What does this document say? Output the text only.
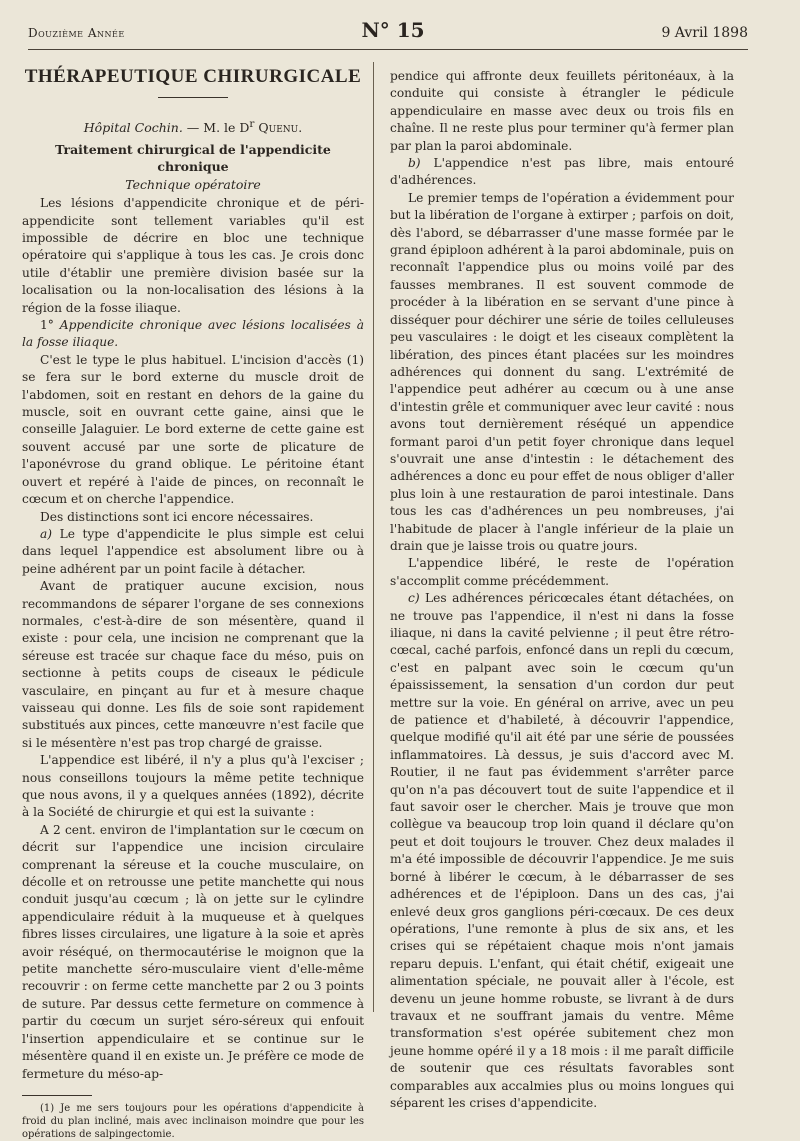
Douzième Année	N° 15	9 Avril 1898

THÉRAPEUTIQUE CHIRURGICALE

Hôpital Cochin. — M. le $D^r$ Quenu.

Traitement chirurgical de l'appendicite chronique

Technique opératoire

Les lésions d'appendicite chronique et de péri-appendicite sont tellement variables qu'il est impossible de décrire en bloc une technique opératoire qui s'applique à tous les cas. Je crois donc utile d'établir une première division basée sur la localisation ou la non-localisation des lésions à la région de la fosse iliaque.

1° Appendicite chronique avec lésions localisées à la fosse iliaque.

C'est le type le plus habituel. L'incision d'accès (1) se fera sur le bord externe du muscle droit de l'abdomen, soit en restant en dehors de la gaine du muscle, soit en ouvrant cette gaine, ainsi que le conseille Jalaguier. Le bord externe de cette gaine est souvent accusé par une sorte de plicature de l'aponévrose du grand oblique. Le péritoine étant ouvert et repéré à l'aide de pinces, on reconnaît le cœcum et on cherche l'appendice.

Des distinctions sont ici encore nécessaires.

a) Le type d'appendicite le plus simple est celui dans lequel l'appendice est absolument libre ou à peine adhérent par un point facile à détacher.

Avant de pratiquer aucune excision, nous recommandons de séparer l'organe de ses connexions normales, c'est-à-dire de son mésentère, quand il existe : pour cela, une incision ne comprenant que la séreuse est tracée sur chaque face du méso, puis on sectionne à petits coups de ciseaux le pédicule vasculaire, en pinçant au fur et à mesure chaque vaisseau qui donne. Les fils de soie sont rapidement substitués aux pinces, cette manœuvre n'est facile que si le mésentère n'est pas trop chargé de graisse.

L'appendice est libéré, il n'y a plus qu'à l'exciser ; nous conseillons toujours la même petite technique que nous avons, il y a quelques années (1892), décrite à la Société de chirurgie et qui est la suivante :

A 2 cent. environ de l'implantation sur le cœcum on décrit sur l'appendice une incision circulaire comprenant la séreuse et la couche musculaire, on décolle et on retrousse une petite manchette qui nous conduit jusqu'au cœcum ; là on jette sur le cylindre appendiculaire réduit à la muqueuse et à quelques fibres lisses circulaires, une ligature à la soie et après avoir réséqué, on thermocautérise le moignon que la petite manchette séro-musculaire vient d'elle-même recouvrir : on ferme cette manchette par 2 ou 3 points de suture. Par dessus cette fermeture on commence à partir du cœcum un surjet séro-séreux qui enfouit l'insertion appendiculaire et se continue sur le mésentère quand il en existe un. Je préfère ce mode de fermeture du méso-ap-

(1) Je me sers toujours pour les opérations d'appendicite à froid du plan incliné, mais avec inclinaison moindre que pour les opérations de salpingectomie.

pendice qui affronte deux feuillets péritonéaux, à la conduite qui consiste à étrangler le pédicule appendiculaire en masse avec deux ou trois fils en chaîne. Il ne reste plus pour terminer qu'à fermer plan par plan la paroi abdominale.

b) L'appendice n'est pas libre, mais entouré d'adhérences.

Le premier temps de l'opération a évidemment pour but la libération de l'organe à extirper ; parfois on doit, dès l'abord, se débarrasser d'une masse formée par le grand épiploon adhérent à la paroi abdominale, puis on reconnaît l'appendice plus ou moins voilé par des fausses membranes. Il est souvent commode de procéder à la libération en se servant d'une pince à disséquer pour déchirer une série de toiles celluleuses peu vasculaires : le doigt et les ciseaux complètent la libération, des pinces étant placées sur les moindres adhérences qui donnent du sang. L'extrémité de l'appendice peut adhérer au cœcum ou à une anse d'intestin grêle et communiquer avec leur cavité : nous avons tout dernièrement réséqué un appendice formant paroi d'un petit foyer chronique dans lequel s'ouvrait une anse d'intestin : le détachement des adhérences a donc eu pour effet de nous obliger d'aller plus loin à une restauration de paroi intestinale. Dans tous les cas d'adhérences un peu nombreuses, j'ai l'habitude de placer à l'angle inférieur de la plaie un drain que je laisse trois ou quatre jours.

L'appendice libéré, le reste de l'opération s'accomplit comme précédemment.

c) Les adhérences péricœcales étant détachées, on ne trouve pas l'appendice, il n'est ni dans la fosse iliaque, ni dans la cavité pelvienne ; il peut être rétro-cœcal, caché parfois, enfoncé dans un repli du cœcum, c'est en palpant avec soin le cœcum qu'un épaississement, la sensation d'un cordon dur peut mettre sur la voie. En général on arrive, avec un peu de patience et d'habileté, à découvrir l'appendice, quelque modifié qu'il ait été par une série de poussées inflammatoires. Là dessus, je suis d'accord avec M. Routier, il ne faut pas évidemment s'arrêter parce qu'on n'a pas découvert tout de suite l'appendice et il faut savoir oser le chercher. Mais je trouve que mon collègue va beaucoup trop loin quand il déclare qu'on peut et doit toujours le trouver. Chez deux malades il m'a été impossible de découvrir l'appendice. Je me suis borné à libérer le cœcum, à le débarrasser de ses adhérences et de l'épiploon. Dans un des cas, j'ai enlevé deux gros ganglions péri-cœcaux. De ces deux opérations, l'une remonte à plus de six ans, et les crises qui se répétaient chaque mois n'ont jamais reparu depuis. L'enfant, qui était chétif, exigeait une alimentation spéciale, ne pouvait aller à l'école, est devenu un jeune homme robuste, se livrant à de durs travaux et ne souffrant jamais du ventre. Même transformation s'est opérée subitement chez mon jeune homme opéré il y a 18 mois : il me paraît difficile de soutenir que ces résultats favorables sont comparables aux accalmies plus ou moins longues qui séparent les crises d'appendicite.
